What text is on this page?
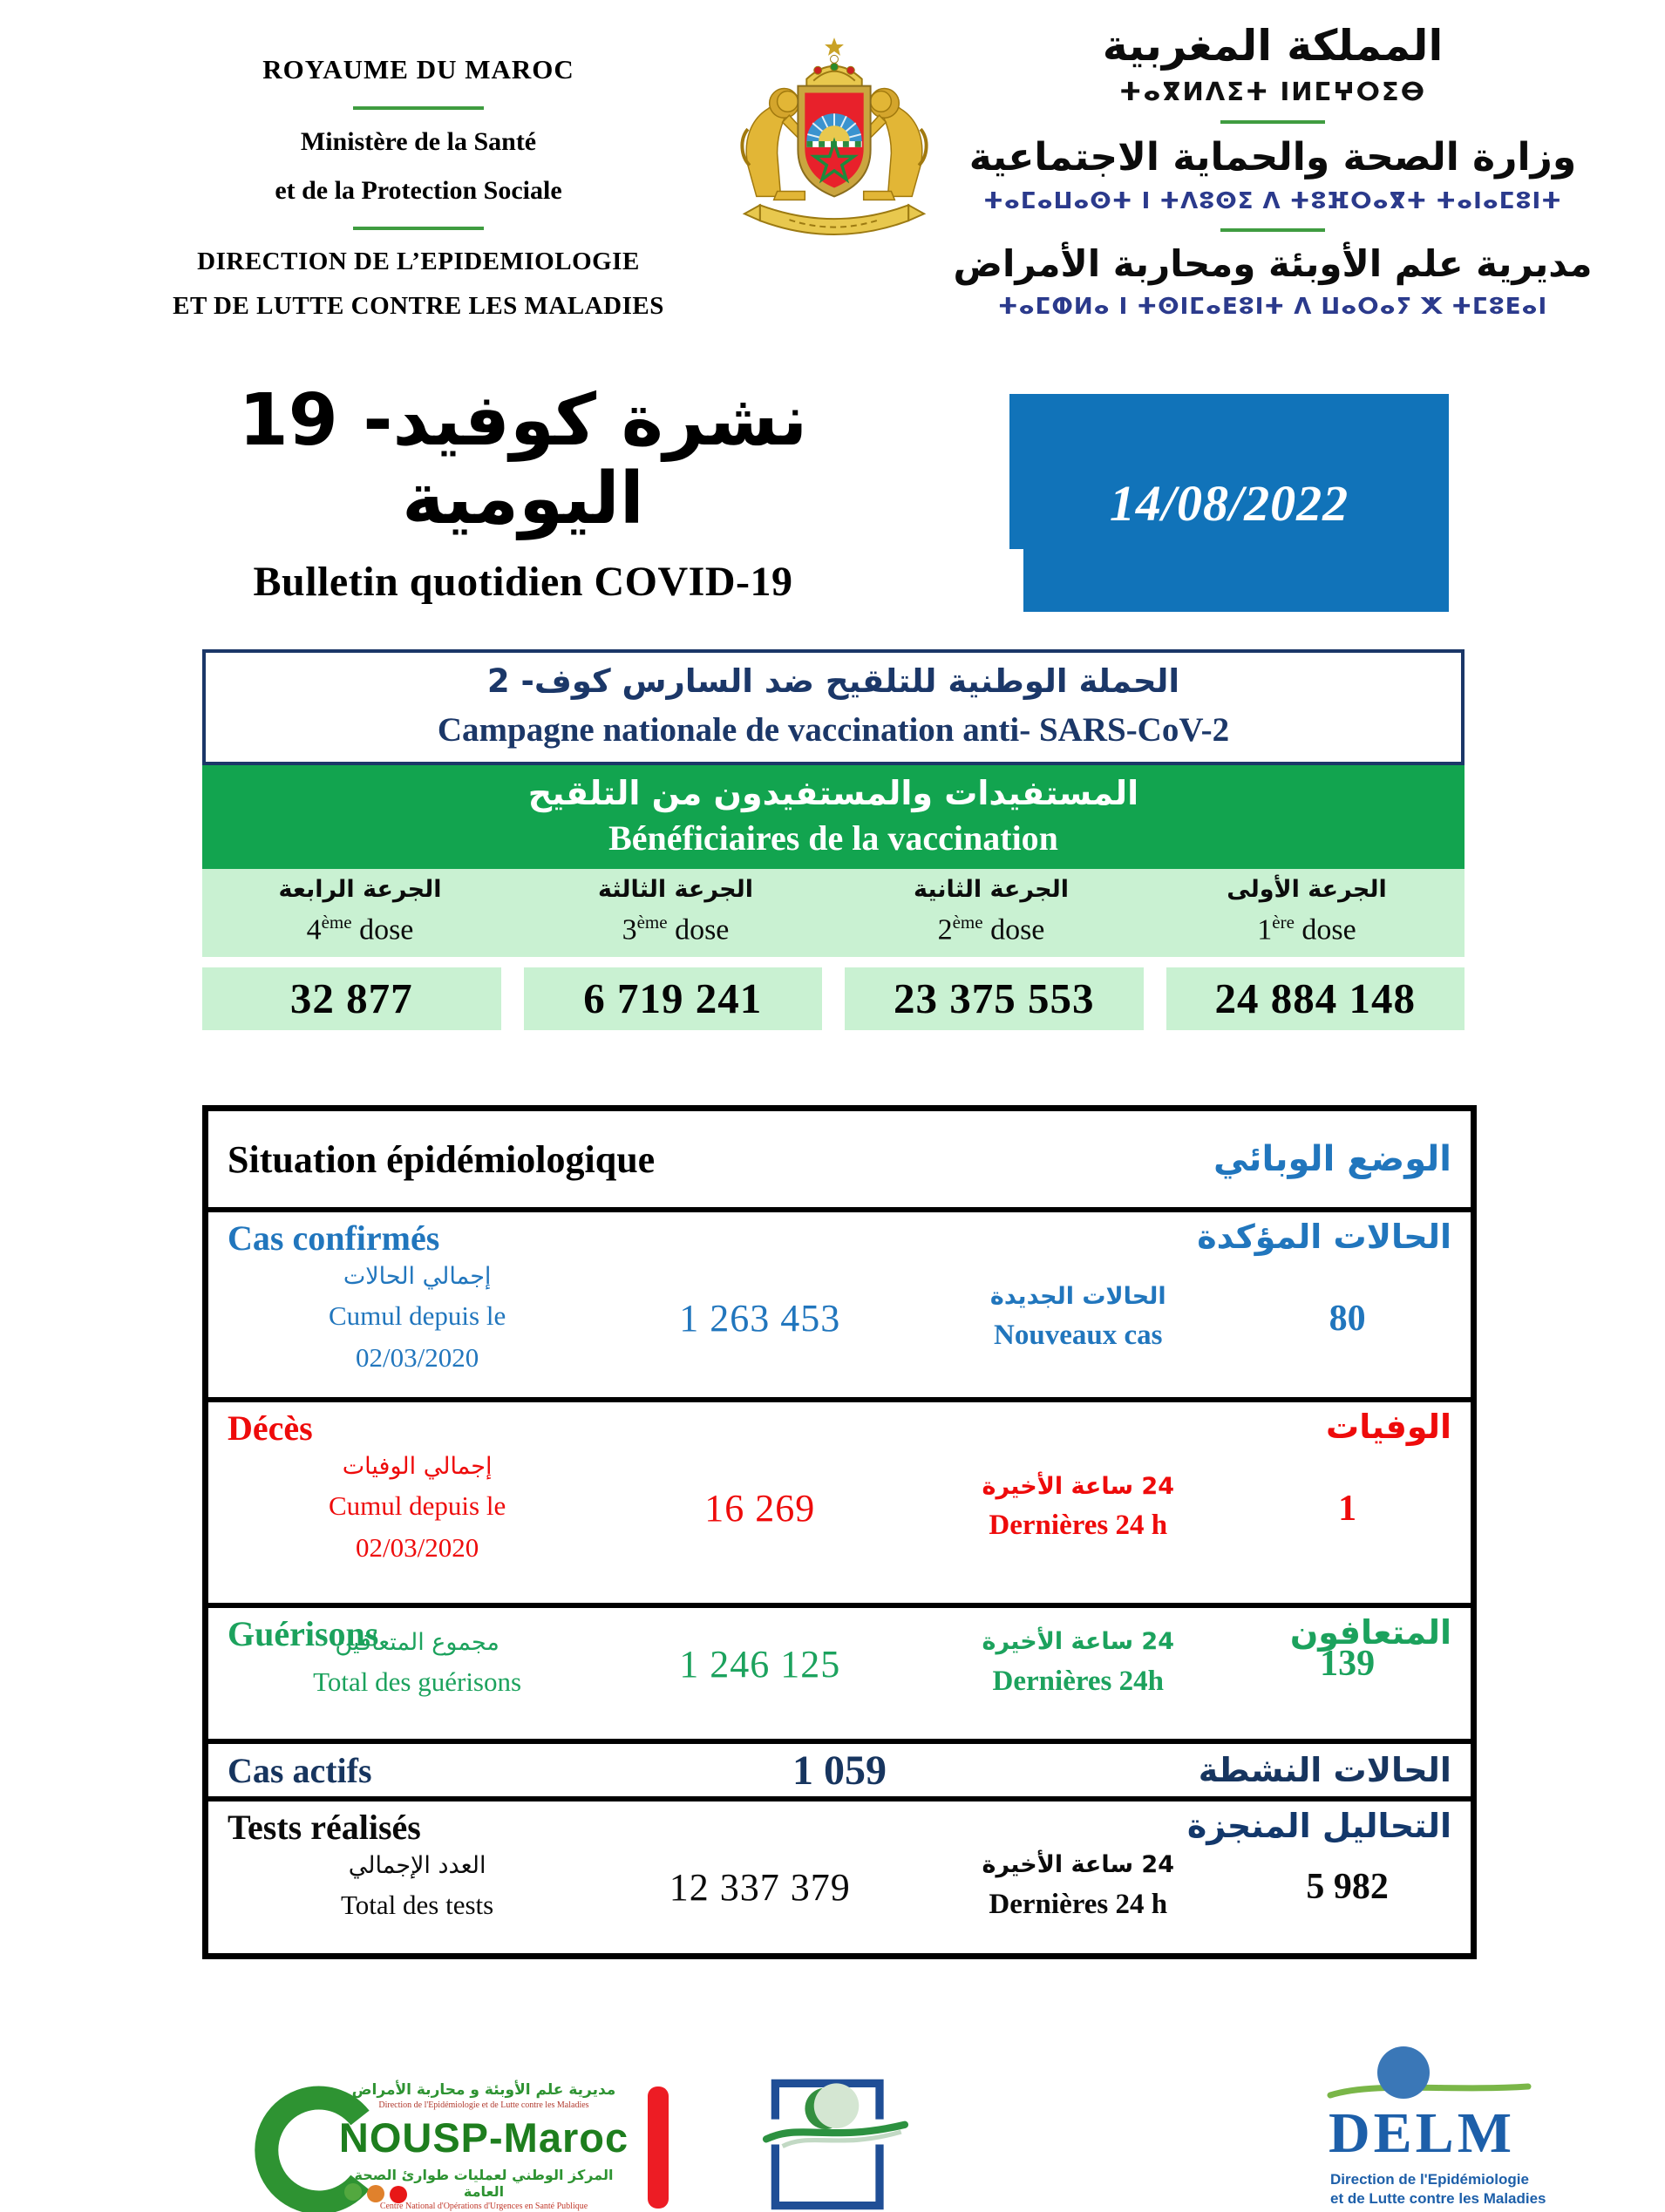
ROYAUME DU MAROC
Ministère de la Santé
et de la Protection Sociale
DIRECTION DE L’EPIDEMIOLOGIE
ET DE LUTTE CONTRE LES MALADIES
المملكة المغربية
ⵜⴰⴳⵍⴷⵉⵜ ⵏⵍⵎⵖⵔⵉⴱ
وزارة الصحة والحماية الاجتماعية
ⵜⴰⵎⴰⵡⴰⵙⵜ ⵏ ⵜⴷⵓⵙⵉ ⴷ ⵜⵓⴼⵔⴰⴳⵜ ⵜⴰⵏⴰⵎⵓⵏⵜ
مديرية علم الأوبئة ومحاربة الأمراض
ⵜⴰⵎⵀⵍⴰ ⵏ ⵜⵙⵏⵎⴰⴹⵓⵏⵜ ⴷ ⵡⴰⵔⴰⵢ ⵅ ⵜⵎⵓⴹⴰⵏ
نشرة كوفيد- 19 اليومية
Bulletin quotidien COVID-19
14/08/2022
الحملة الوطنية للتلقيح ضد السارس كوف- 2
Campagne nationale de vaccination anti- SARS-CoV-2
المستفيدات والمستفيدون من التلقيح
Bénéficiaires de la vaccination
الجرعة الرابعة
4ème dose
الجرعة الثالثة
3ème dose
الجرعة الثانية
2ème dose
الجرعة الأولى
1ère dose
32 877	6 719 241	23 375 553	24 884 148
Situation épidémiologique	الوضع الوبائي
Cas confirmés	الحالات المؤكدة
إجمالي الحالات
Cumul depuis le
02/03/2020
1 263 453
الحالات الجديدة
Nouveaux cas	80
Décès	الوفيات
إجمالي الوفيات
Cumul depuis le
02/03/2020
16 269
24 ساعة الأخيرة
Dernières 24 h	1
Guérisons	المتعافون
مجموع المتعافين
Total des guérisons	1 246 125
24 ساعة الأخيرة
Dernières 24h	139
Cas actifs	1 059	الحالات النشطة
Tests réalisés	التحاليل المنجزة
العدد الإجمالي
Total des tests	12 337 379
24 ساعة الأخيرة
Dernières 24 h	5 982
مديرية علم الأوبئة و محاربة الأمراض
Direction de l'Epidémiologie et de Lutte contre les Maladies
NOUSP-Maroc
المركز الوطني لعمليات طوارئ الصحة العامة
Centre National d'Opérations d'Urgences en Santé Publique
DELM
Direction de l'Epidémiologie
et de Lutte contre les Maladies
